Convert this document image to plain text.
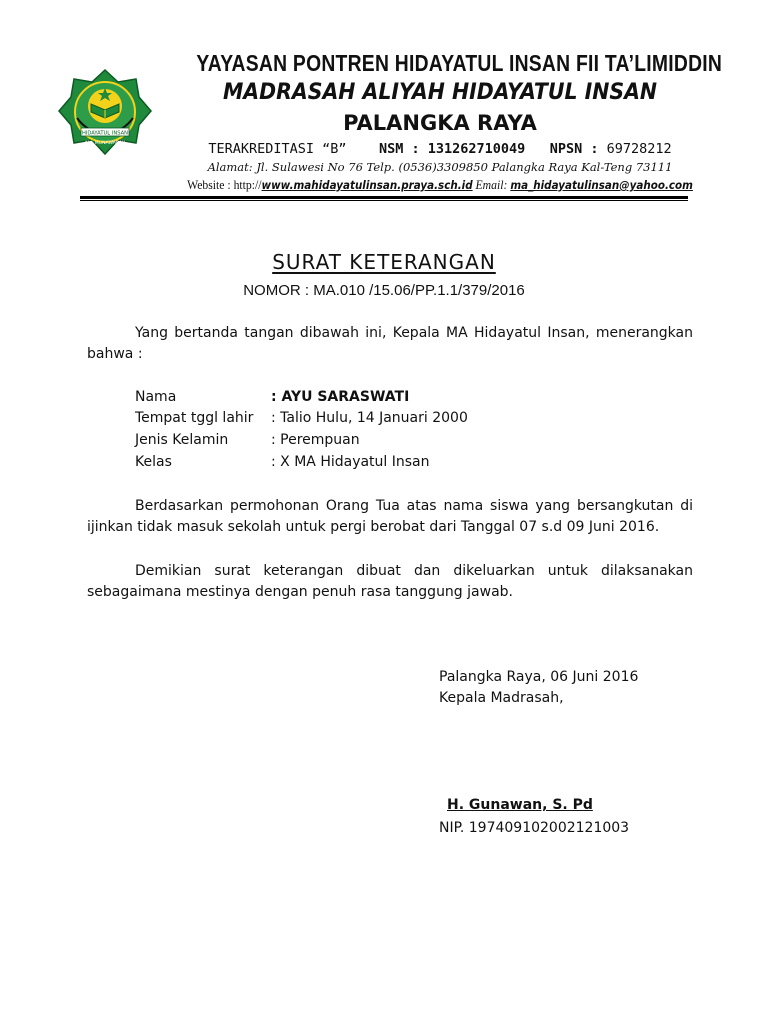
HIDAYATUL INSAN
AL - MUNAWARAH
YAYASAN PONTREN HIDAYATUL INSAN FII TA’LIMIDDIN
MADRASAH ALIYAH HIDAYATUL INSAN
PALANGKA RAYA
TERAKREDITASI “B” NSM : 131262710049 NPSN : 69728212
Alamat: Jl. Sulawesi No 76 Telp. (0536)3309850 Palangka Raya Kal-Teng 73111
Website : http://www.mahidayatulinsan.praya.sch.id Email: ma_hidayatulinsan@yahoo.com
SURAT KETERANGAN
NOMOR : MA.010 /15.06/PP.1.1/379/2016
Yang bertanda tangan dibawah ini, Kepala MA Hidayatul Insan, menerangkan bahwa :
Nama	: AYU SARASWATI
Tempat tggl lahir : Talio Hulu, 14 Januari 2000
Jenis Kelamin	: Perempuan
Kelas	: X MA Hidayatul Insan
Berdasarkan permohonan Orang Tua atas nama siswa yang bersangkutan di ijinkan tidak masuk sekolah untuk pergi berobat dari Tanggal 07 s.d 09 Juni 2016.
Demikian surat keterangan dibuat dan dikeluarkan untuk dilaksanakan sebagaimana mestinya dengan penuh rasa tanggung jawab.
Palangka Raya, 06 Juni 2016
Kepala Madrasah,
H. Gunawan, S. Pd
NIP. 197409102002121003
